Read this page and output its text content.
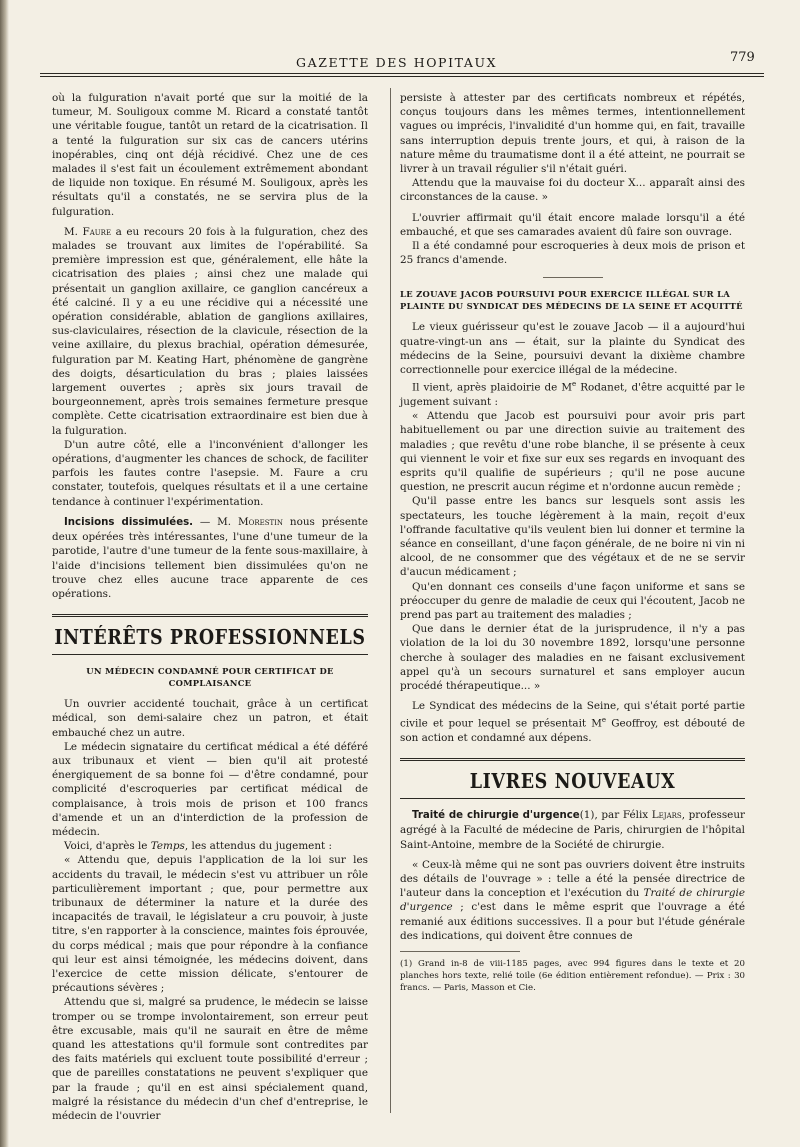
GAZETTE DES HOPITAUX	779

où la fulguration n'avait porté que sur la moitié de la tumeur, M. Souligoux comme M. Ricard a constaté tantôt une véritable fougue, tantôt un retard de la cicatrisation. Il a tenté la fulguration sur six cas de cancers utérins inopérables, cinq ont déjà récidivé. Chez une de ces malades il s'est fait un écoulement extrêmement abondant de liquide non toxique. En résumé M. Souligoux, après les résultats qu'il a constatés, ne se servira plus de la fulguration.

M. Faure a eu recours 20 fois à la fulguration, chez des malades se trouvant aux limites de l'opérabilité. Sa première impression est que, généralement, elle hâte la cicatrisation des plaies ; ainsi chez une malade qui présentait un ganglion axillaire, ce ganglion cancéreux a été calciné. Il y a eu une récidive qui a nécessité une opération considérable, ablation de ganglions axillaires, sus-claviculaires, résection de la clavicule, résection de la veine axillaire, du plexus brachial, opération démesurée, fulguration par M. Keating Hart, phénomène de gangrène des doigts, désarticulation du bras ; plaies laissées largement ouvertes ; après six jours travail de bourgeonnement, après trois semaines fermeture presque complète. Cette cicatrisation extraordinaire est bien due à la fulguration.

D'un autre côté, elle a l'inconvénient d'allonger les opérations, d'augmenter les chances de schock, de faciliter parfois les fautes contre l'asepsie. M. Faure a cru constater, toutefois, quelques résultats et il a une certaine tendance à continuer l'expérimentation.

Incisions dissimulées. — M. Morestin nous présente deux opérées très intéressantes, l'une d'une tumeur de la parotide, l'autre d'une tumeur de la fente sous-maxillaire, à l'aide d'incisions tellement bien dissimulées qu'on ne trouve chez elles aucune trace apparente de ces opérations.

INTÉRÊTS PROFESSIONNELS
UN MÉDECIN CONDAMNÉ POUR CERTIFICAT DE COMPLAISANCE

Un ouvrier accidenté touchait, grâce à un certificat médical, son demi-salaire chez un patron, et était embauché chez un autre.

Le médecin signataire du certificat médical a été déféré aux tribunaux et vient — bien qu'il ait protesté énergiquement de sa bonne foi — d'être condamné, pour complicité d'escroqueries par certificat médical de complaisance, à trois mois de prison et 100 francs d'amende et un an d'interdiction de la profession de médecin.

Voici, d'après le Temps, les attendus du jugement :

« Attendu que, depuis l'application de la loi sur les accidents du travail, le médecin s'est vu attribuer un rôle particulièrement important ; que, pour permettre aux tribunaux de déterminer la nature et la durée des incapacités de travail, le législateur a cru pouvoir, à juste titre, s'en rapporter à la conscience, maintes fois éprouvée, du corps médical ; mais que pour répondre à la confiance qui leur est ainsi témoignée, les médecins doivent, dans l'exercice de cette mission délicate, s'entourer de précautions sévères ;

Attendu que si, malgré sa prudence, le médecin se laisse tromper ou se trompe involontairement, son erreur peut être excusable, mais qu'il ne saurait en être de même quand les attestations qu'il formule sont contredites par des faits matériels qui excluent toute possibilité d'erreur ; que de pareilles constatations ne peuvent s'expliquer que par la fraude ; qu'il en est ainsi spécialement quand, malgré la résistance du médecin d'un chef d'entreprise, le médecin de l'ouvrier

persiste à attester par des certificats nombreux et répétés, conçus toujours dans les mêmes termes, intentionnellement vagues ou imprécis, l'invalidité d'un homme qui, en fait, travaille sans interruption depuis trente jours, et qui, à raison de la nature même du traumatisme dont il a été atteint, ne pourrait se livrer à un travail régulier s'il n'était guéri.

Attendu que la mauvaise foi du docteur X... apparaît ainsi des circonstances de la cause. »

L'ouvrier affirmait qu'il était encore malade lorsqu'il a été embauché, et que ses camarades avaient dû faire son ouvrage.

Il a été condamné pour escroqueries à deux mois de prison et 25 francs d'amende.

LE ZOUAVE JACOB POURSUIVI POUR EXERCICE ILLÉGAL SUR LA PLAINTE DU SYNDICAT DES MÉDECINS DE LA SEINE ET ACQUITTÉ

Le vieux guérisseur qu'est le zouave Jacob — il a aujourd'hui quatre-vingt-un ans — était, sur la plainte du Syndicat des médecins de la Seine, poursuivi devant la dixième chambre correctionnelle pour exercice illégal de la médecine.

Il vient, après plaidoirie de Me Rodanet, d'être acquitté par le jugement suivant :

« Attendu que Jacob est poursuivi pour avoir pris part habituellement ou par une direction suivie au traitement des maladies ; que revêtu d'une robe blanche, il se présente à ceux qui viennent le voir et fixe sur eux ses regards en invoquant des esprits qu'il qualifie de supérieurs ; qu'il ne pose aucune question, ne prescrit aucun régime et n'ordonne aucun remède ;

Qu'il passe entre les bancs sur lesquels sont assis les spectateurs, les touche légèrement à la main, reçoit d'eux l'offrande facultative qu'ils veulent bien lui donner et termine la séance en conseillant, d'une façon générale, de ne boire ni vin ni alcool, de ne consommer que des végétaux et de ne se servir d'aucun médicament ;

Qu'en donnant ces conseils d'une façon uniforme et sans se préoccuper du genre de maladie de ceux qui l'écoutent, Jacob ne prend pas part au traitement des maladies ;

Que dans le dernier état de la jurisprudence, il n'y a pas violation de la loi du 30 novembre 1892, lorsqu'une personne cherche à soulager des maladies en ne faisant exclusivement appel qu'à un secours surnaturel et sans employer aucun procédé thérapeutique... »

Le Syndicat des médecins de la Seine, qui s'était porté partie civile et pour lequel se présentait Me Geoffroy, est débouté de son action et condamné aux dépens.

LIVRES NOUVEAUX

Traité de chirurgie d'urgence(1), par Félix Lejars, professeur agrégé à la Faculté de médecine de Paris, chirurgien de l'hôpital Saint-Antoine, membre de la Société de chirurgie.

« Ceux-là même qui ne sont pas ouvriers doivent être instruits des détails de l'ouvrage » : telle a été la pensée directrice de l'auteur dans la conception et l'exécution du Traité de chirurgie d'urgence ; c'est dans le même esprit que l'ouvrage a été remanié aux éditions successives. Il a pour but l'étude générale des indications, qui doivent être connues de

(1) Grand in-8 de viii-1185 pages, avec 994 figures dans le texte et 20 planches hors texte, relié toile (6e édition entièrement refondue). — Prix : 30 francs. — Paris, Masson et Cie.
